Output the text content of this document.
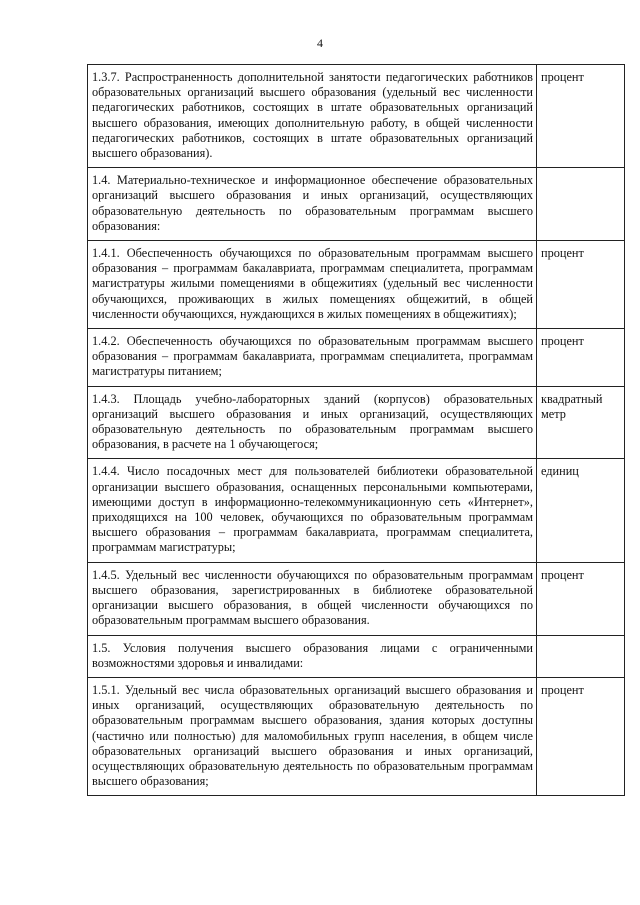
4
1.3.7. Распространенность дополнительной занятости педагогических работников образовательных организаций высшего образования (удельный вес численности педагогических работников, состоящих в штате образовательных организаций высшего образования, имеющих дополнительную работу, в общей численности педагогических работников, состоящих в штате образовательных организаций высшего образования).	процент
1.4. Материально-техническое и информационное обеспечение образовательных организаций высшего образования и иных организаций, осуществляющих образовательную деятельность по образовательным программам высшего образования:	
1.4.1. Обеспеченность обучающихся по образовательным программам высшего образования – программам бакалавриата, программам специалитета, программам магистратуры жилыми помещениями в общежитиях (удельный вес численности обучающихся, проживающих в жилых помещениях общежитий, в общей численности обучающихся, нуждающихся в жилых помещениях в общежитиях);	процент
1.4.2. Обеспеченность обучающихся по образовательным программам высшего образования – программам бакалавриата, программам специалитета, программам магистратуры питанием;	процент
1.4.3. Площадь учебно-лабораторных зданий (корпусов) образовательных организаций высшего образования и иных организаций, осуществляющих образовательную деятельность по образовательным программам высшего образования, в расчете на 1 обучающегося;	квадратный метр
1.4.4. Число посадочных мест для пользователей библиотеки образовательной организации высшего образования, оснащенных персональными компьютерами, имеющими доступ в информационно-телекоммуникационную сеть «Интернет», приходящихся на 100 человек, обучающихся по образовательным программам высшего образования – программам бакалавриата, программам специалитета, программам магистратуры;	единиц
1.4.5. Удельный вес численности обучающихся по образовательным программам высшего образования, зарегистрированных в библиотеке образовательной организации высшего образования, в общей численности обучающихся по образовательным программам высшего образования.	процент
1.5. Условия получения высшего образования лицами с ограниченными возможностями здоровья и инвалидами:	
1.5.1. Удельный вес числа образовательных организаций высшего образования и иных организаций, осуществляющих образовательную деятельность по образовательным программам высшего образования, здания которых доступны (частично или полностью) для маломобильных групп населения, в общем числе образовательных организаций высшего образования и иных организаций, осуществляющих образовательную деятельность по образовательным программам высшего образования;	процент
